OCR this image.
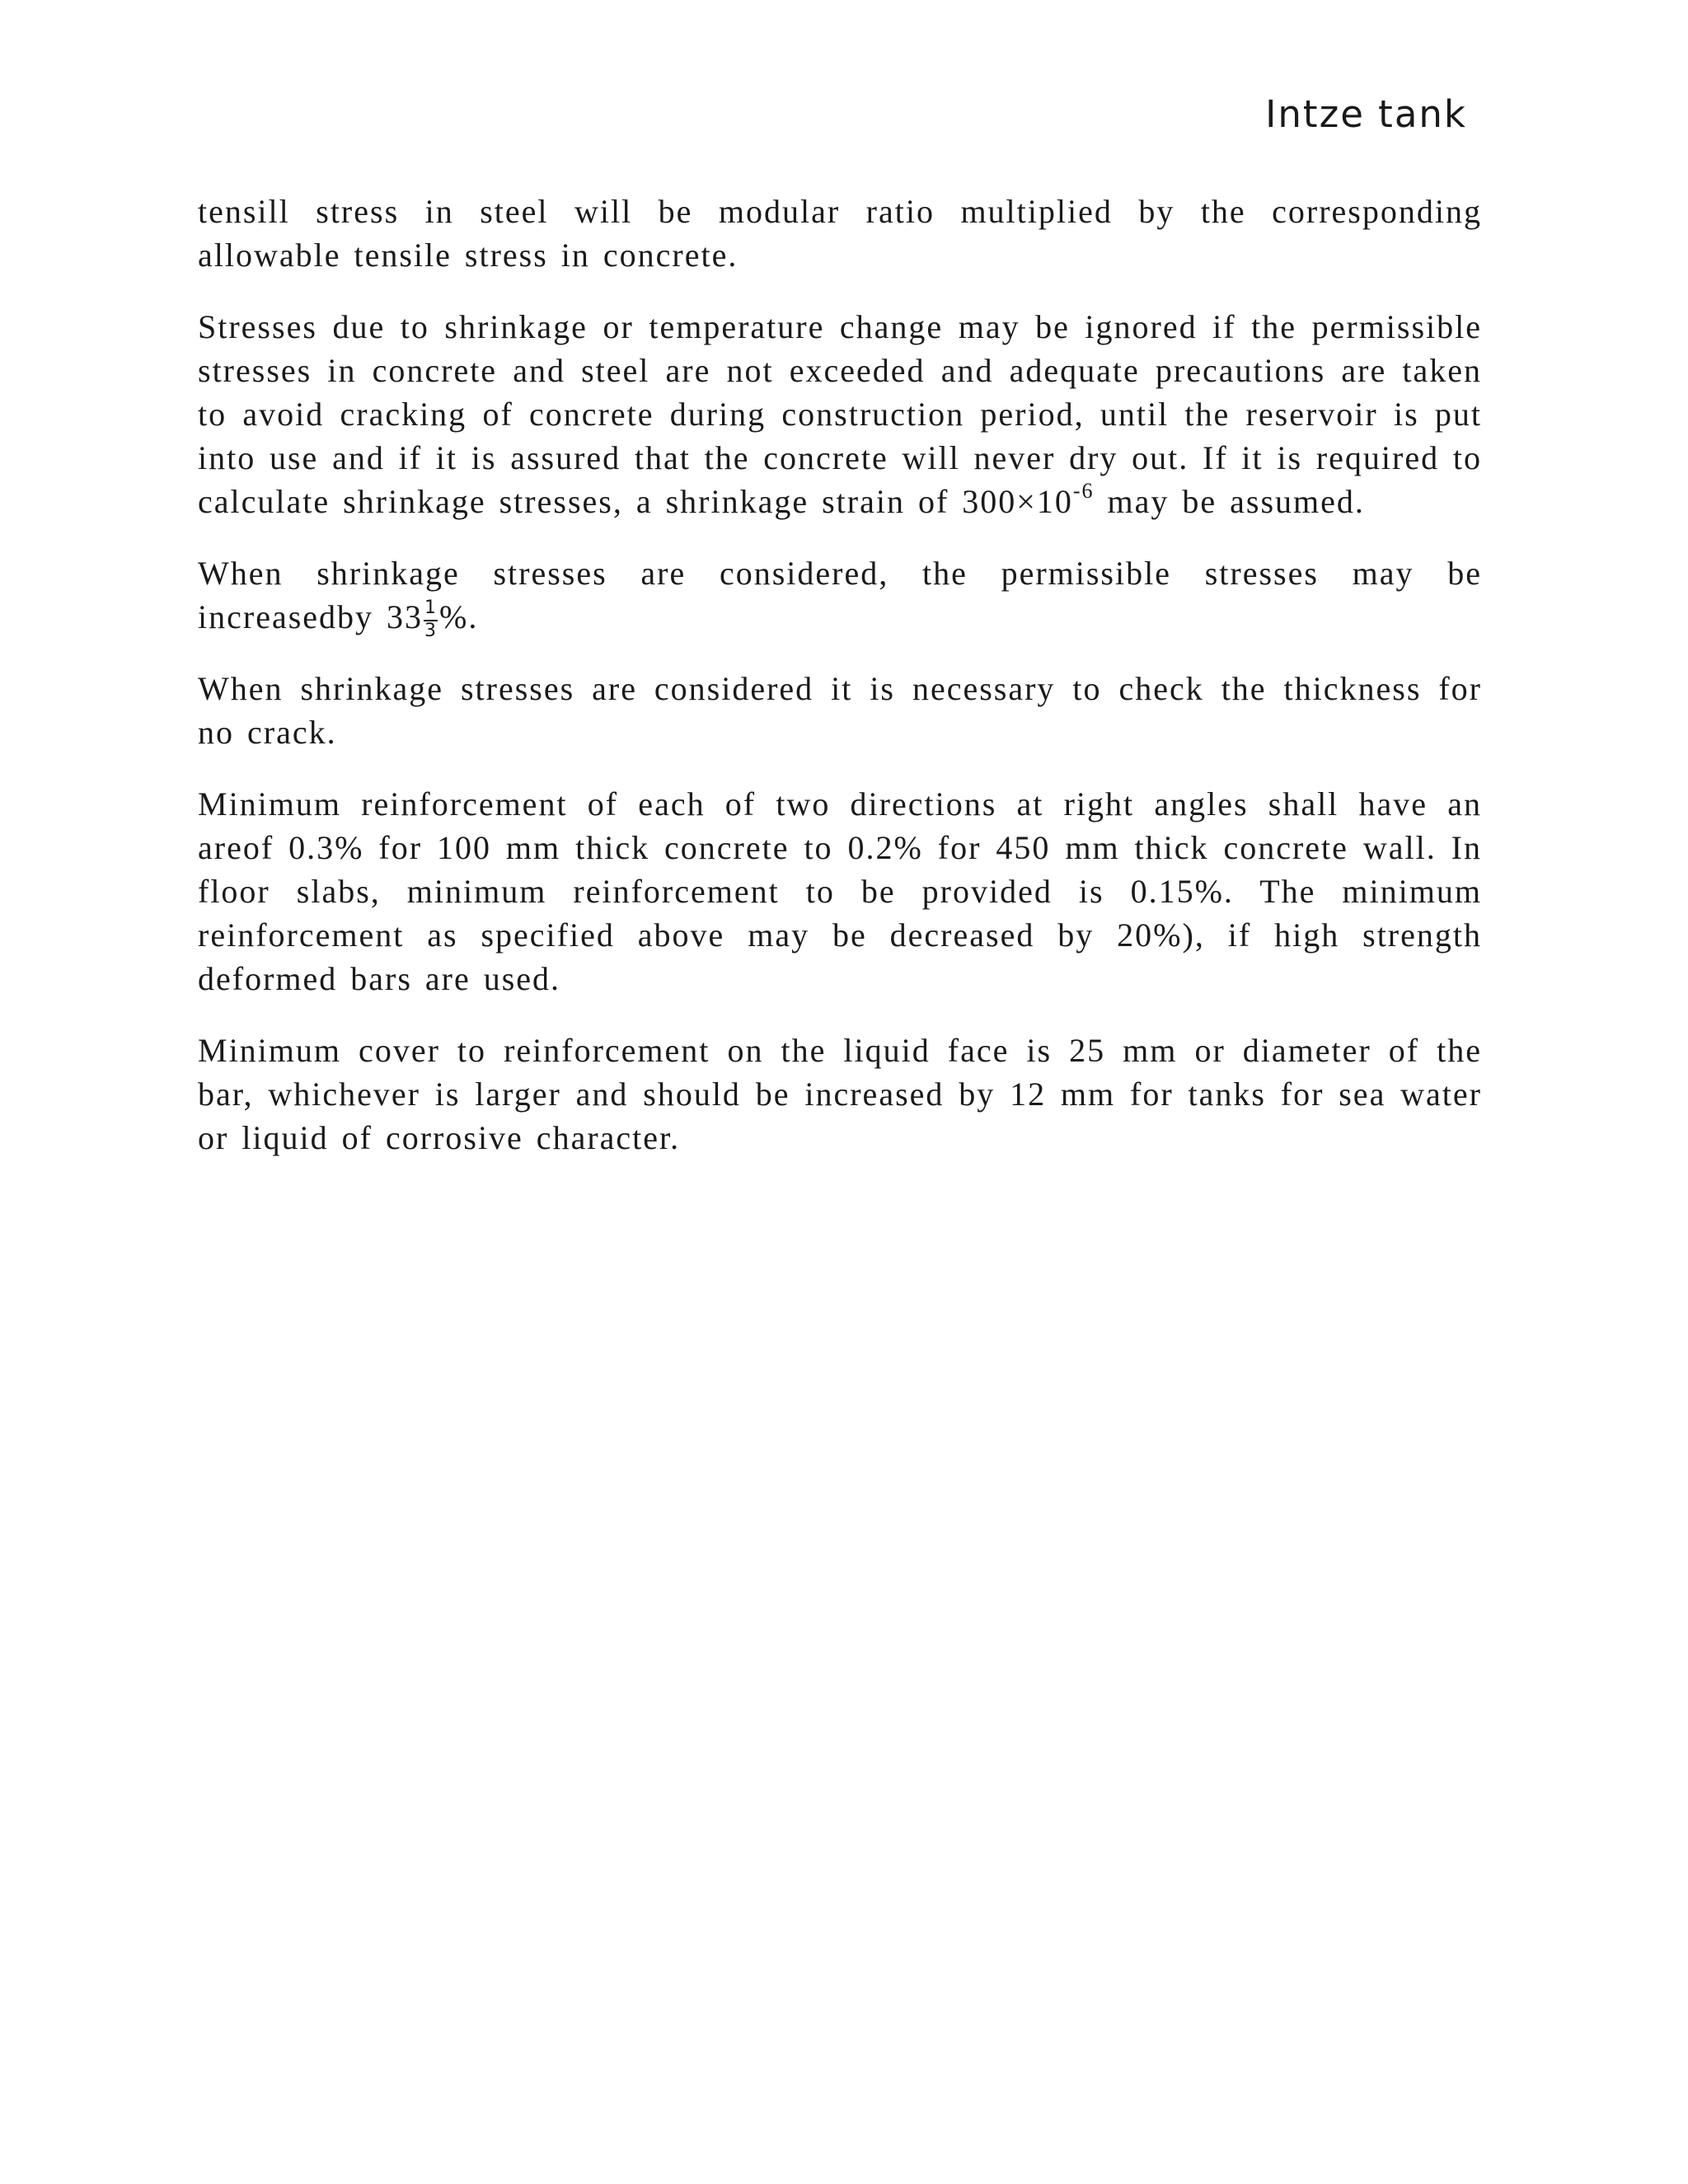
Intze tank

tensill stress in steel will be modular ratio multiplied by the corresponding allowable tensile stress in concrete.

Stresses due to shrinkage or temperature change may be ignored if the permissible stresses in concrete and steel are not exceeded and adequate precautions are taken to avoid cracking of concrete during construction period, until the reservoir is put into use and if it is assured that the concrete will never dry out. If it is required to calculate shrinkage stresses, a shrinkage strain of $300\times 10^{-6}$ may be assumed.

When shrinkage stresses are considered, the permissible stresses may be increasedby $33 \frac{1}{3}$ %.

When shrinkage stresses are considered it is necessary to check the thickness for no crack.

Minimum reinforcement of each of two directions at right angles shall have an areof 0.3% for 100 mm thick concrete to 0.2% for 450 mm thick concrete wall. In floor slabs, minimum reinforcement to be provided is 0.15%. The minimum reinforcement as specified above may be decreased by 20%), if high strength deformed bars are used.

Minimum cover to reinforcement on the liquid face is 25 mm or diameter of the bar, whichever is larger and should be increased by 12 mm for tanks for sea water or liquid of corrosive character.
